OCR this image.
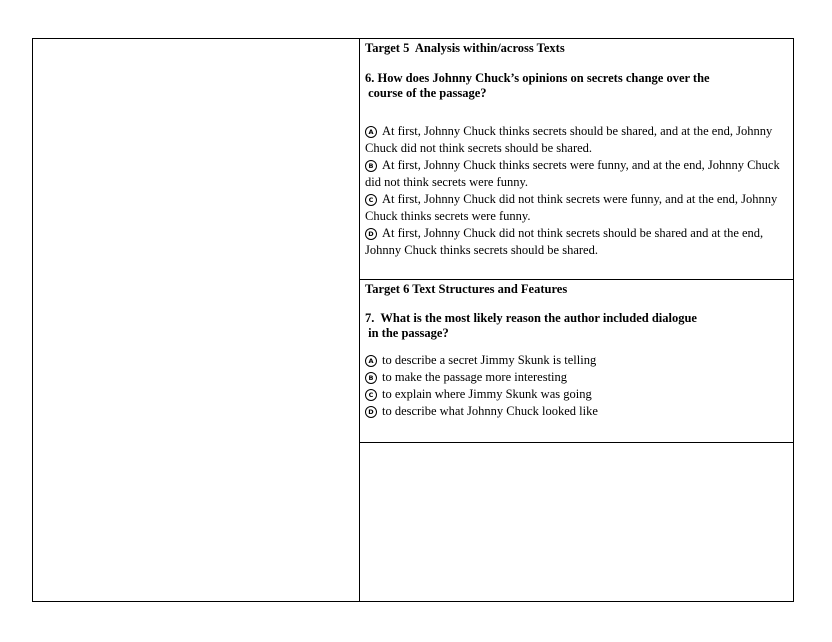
Target 5  Analysis within/across Texts
6. How does Johnny Chuck’s opinions on secrets change over the
course of the passage?

A At first, Johnny Chuck thinks secrets should be shared, and at the end, Johnny Chuck did not think secrets should be shared.

B At first, Johnny Chuck thinks secrets were funny, and at the end, Johnny Chuck did not think secrets were funny.

C At first, Johnny Chuck did not think secrets were funny, and at the end, Johnny Chuck thinks secrets were funny.

D At first, Johnny Chuck did not think secrets should be shared and at the end, Johnny Chuck thinks secrets should be shared.

Target 6 Text Structures and Features
7.  What is the most likely reason the author included dialogue
in the passage?

A to describe a secret Jimmy Skunk is telling

B to make the passage more interesting

C to explain where Jimmy Skunk was going

D to describe what Johnny Chuck looked like
